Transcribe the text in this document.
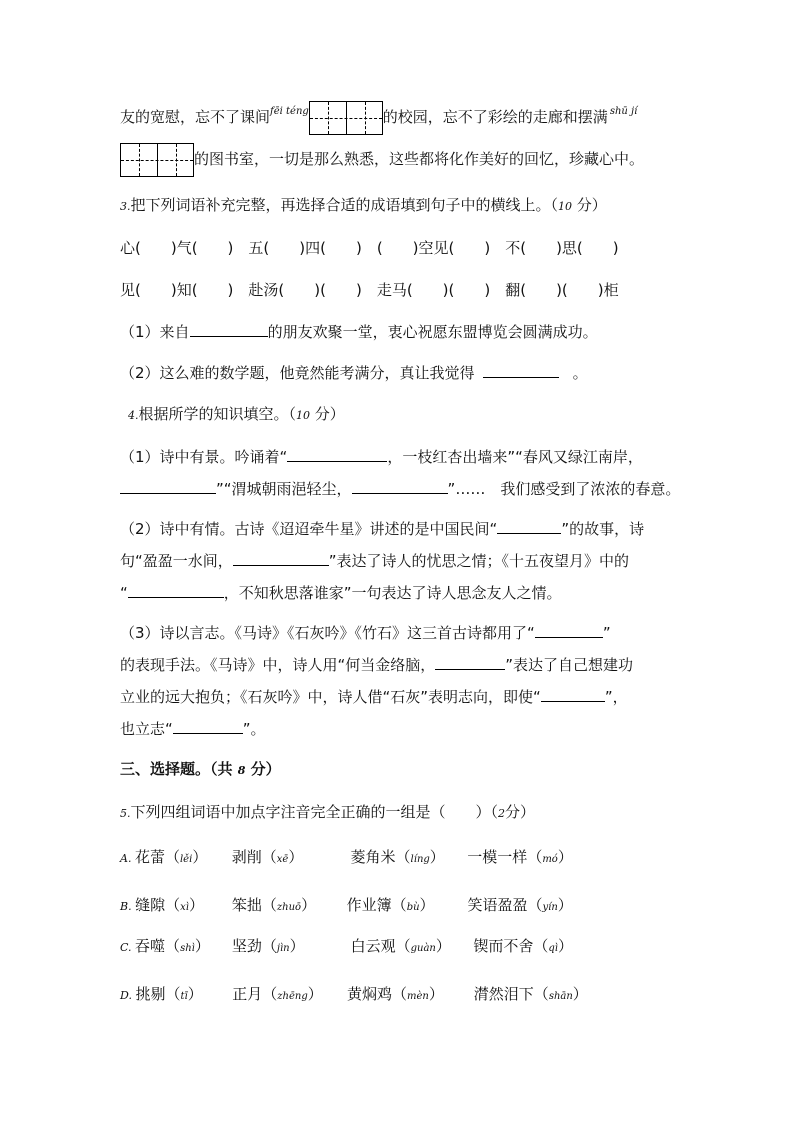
友的宽慰，忘不了课间$^{fēi téng}$	的校园，忘不了彩绘的走廊和摆满 $^{shū jí}$
的图书室，一切是那么熟悉，这些都将化作美好的回忆，珍藏心中。
3.把下列词语补充完整，再选择合适的成语填到句子中的横线上。（10 分）
心(　　)气(　　)　五(　　)四(　　)　(　　)空见(　　)　不(　　)思(　　)
见(　　)知(　　)　赴汤(　　)(　　)　走马(　　)(　　)　翻(　　)(　　)柜
（1）来自	的朋友欢聚一堂，衷心祝愿东盟博览会圆满成功。
（2）这么难的数学题，他竟然能考满分，真让我觉得	。
4.根据所学的知识填空。（10 分）
（1）诗中有景。吟诵着“	，一枝红杏出墙来”“春风又绿江南岸，
”“渭城朝雨浥轻尘，	”……　我们感受到了浓浓的春意。
（2）诗中有情。古诗《迢迢牵牛星》讲述的是中国民间“	”的故事，诗
句“盈盈一水间，	”表达了诗人的忧思之情；《十五夜望月》中的
“	，不知秋思落谁家”一句表达了诗人思念友人之情。
（3）诗以言志。《马诗》《石灰吟》《竹石》这三首古诗都用了“	”
的表现手法。《马诗》中，诗人用“何当金络脑，	”表达了自己想建功
立业的远大抱负；《石灰吟》中，诗人借“石灰”表明志向，即使“	”，
也立志“	”。
三、选择题。（共 8 分）
5.下列四组词语中加点字注音完全正确的一组是（　　）（2分）
A. 花蕾（lěi） 剥削（xē）	菱角米（líng） 一模一样（mó）
B. 缝隙（xì） 笨拙（zhuō） 作业簿（bù） 笑语盈盈（yín）
C. 吞噬（shì） 坚劲（jìn）	白云观（guàn） 锲而不舍（qì）
D. 挑剔（tī） 正月（zhēng） 黄焖鸡（mèn） 潸然泪下（shān）
